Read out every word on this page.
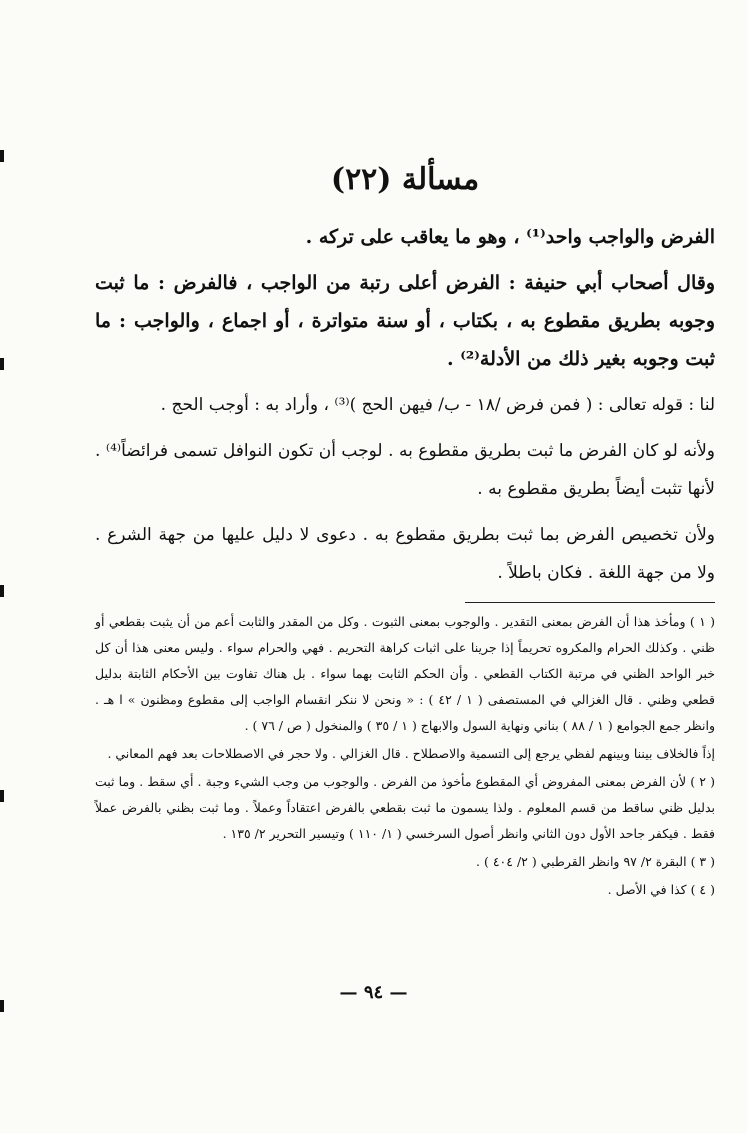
مسألة (٢٢)

الفرض والواجب واحد⁽¹⁾ ، وهو ما يعاقب على تركه .

وقال أصحاب أبي حنيفة : الفرض أعلى رتبة من الواجب ، فالفرض : ما ثبت وجوبه بطريق مقطوع به ، بكتاب ، أو سنة متواترة ، أو اجماع ، والواجب : ما ثبت وجوبه بغير ذلك من الأدلة⁽²⁾ .

لنا : قوله تعالى : ( فمن فرض /١٨ - ب/ فيهن الحج )⁽³⁾ ، وأراد به : أوجب الحج .

ولأنه لو كان الفرض ما ثبت بطريق مقطوع به . لوجب أن تكون النوافل تسمى فرائضاً⁽⁴⁾ . لأنها تثبت أيضاً بطريق مقطوع به .

ولأن تخصيص الفرض بما ثبت بطريق مقطوع به . دعوى لا دليل عليها من جهة الشرع . ولا من جهة اللغة . فكان باطلاً .

( ١ ) ومأخذ هذا أن الفرض بمعنى التقدير . والوجوب بمعنى الثبوت . وكل من المقدر والثابت أعم من أن يثبت بقطعي أو ظني . وكذلك الحرام والمكروه تحريماً إذا جرينا على اثبات كراهة التحريم . فهي والحرام سواء . وليس معنى هذا أن كل خبر الواحد الظني في مرتبة الكتاب القطعي . وأن الحكم الثابت بهما سواء . بل هناك تفاوت بين الأحكام الثابتة بدليل قطعي وظني . قال الغزالي في المستصفى ( ١ / ٤٢ ) : « ونحن لا ننكر انقسام الواجب إلى مقطوع ومظنون » ا هـ . وانظر جمع الجوامع ( ١ / ٨٨ ) بناني ونهاية السول والابهاج ( ١ / ٣٥ ) والمنخول ( ص / ٧٦ ) .

إذاً فالخلاف بيننا وبينهم لفظي يرجع إلى التسمية والاصطلاح . قال الغزالي . ولا حجر في الاصطلاحات بعد فهم المعاني .

( ٢ ) لأن الفرض بمعنى المفروض أي المقطوع مأخوذ من الفرض . والوجوب من وجب الشيء وجبة . أي سقط . وما ثبت بدليل ظني ساقط من قسم المعلوم . ولذا يسمون ما ثبت بقطعي بالفرض اعتقاداً وعملاً . وما ثبت بظني بالفرض عملاً فقط . فيكفر جاحد الأول دون الثاني وانظر أصول السرخسي ( ١/ ١١٠ ) وتيسير التحرير ٢/ ١٣٥ .

( ٣ ) البقرة ٢/ ٩٧ وانظر القرطبي ( ٢/ ٤٠٤ ) .

( ٤ ) كذا في الأصل .

— ٩٤ —
